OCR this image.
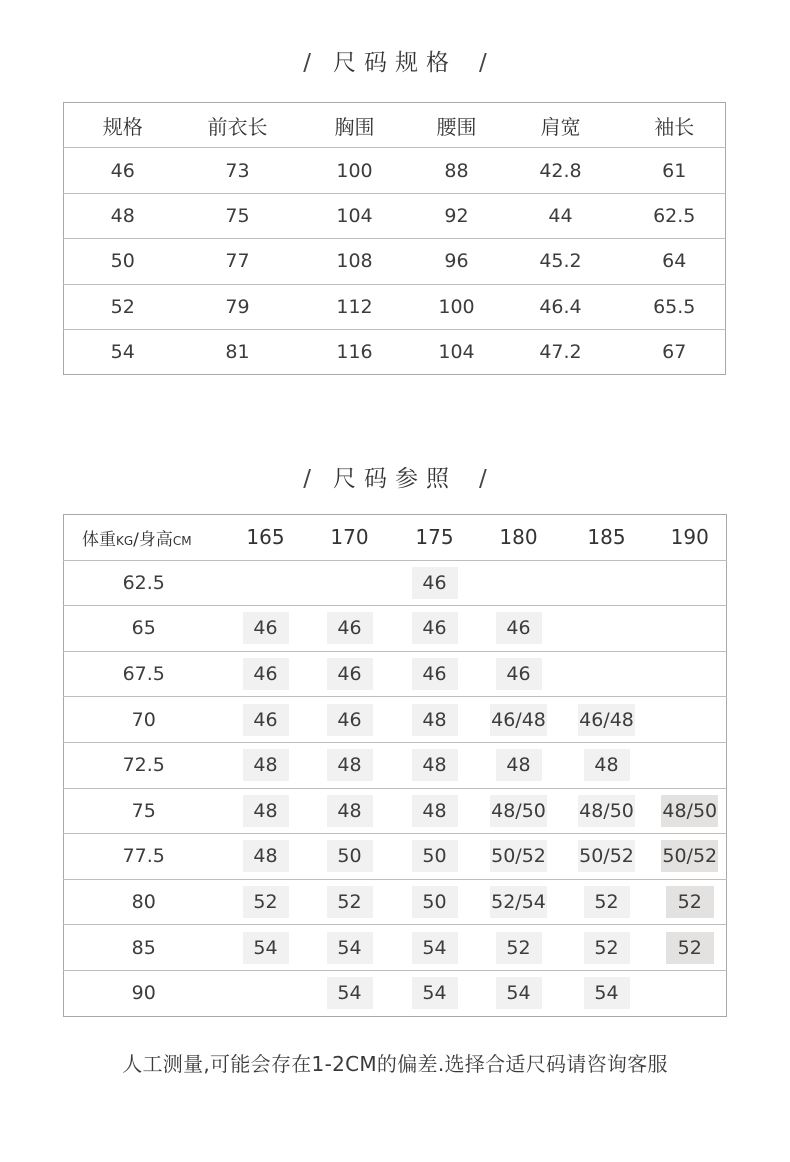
/ 尺码规格 /
规格	前衣长	胸围	腰围	肩宽	袖长
46	73	100	88	42.8	61
48	75	104	92	44	62.5
50	77	108	96	45.2	64
52	79	112	100	46.4	65.5
54	81	116	104	47.2	67
/ 尺码参照 /
体重KG/身高CM	165	170	175	180	185	190
62.5			46			
65	46	46	46	46		
67.5	46	46	46	46		
70	46	46	48	46/48	46/48	
72.5	48	48	48	48	48	
75	48	48	48	48/50	48/50	48/50
77.5	48	50	50	50/52	50/52	50/52
80	52	52	50	52/54	52	52
85	54	54	54	52	52	52
90		54	54	54	54	
人工测量,可能会存在1-2CM的偏差.选择合适尺码请咨询客服
